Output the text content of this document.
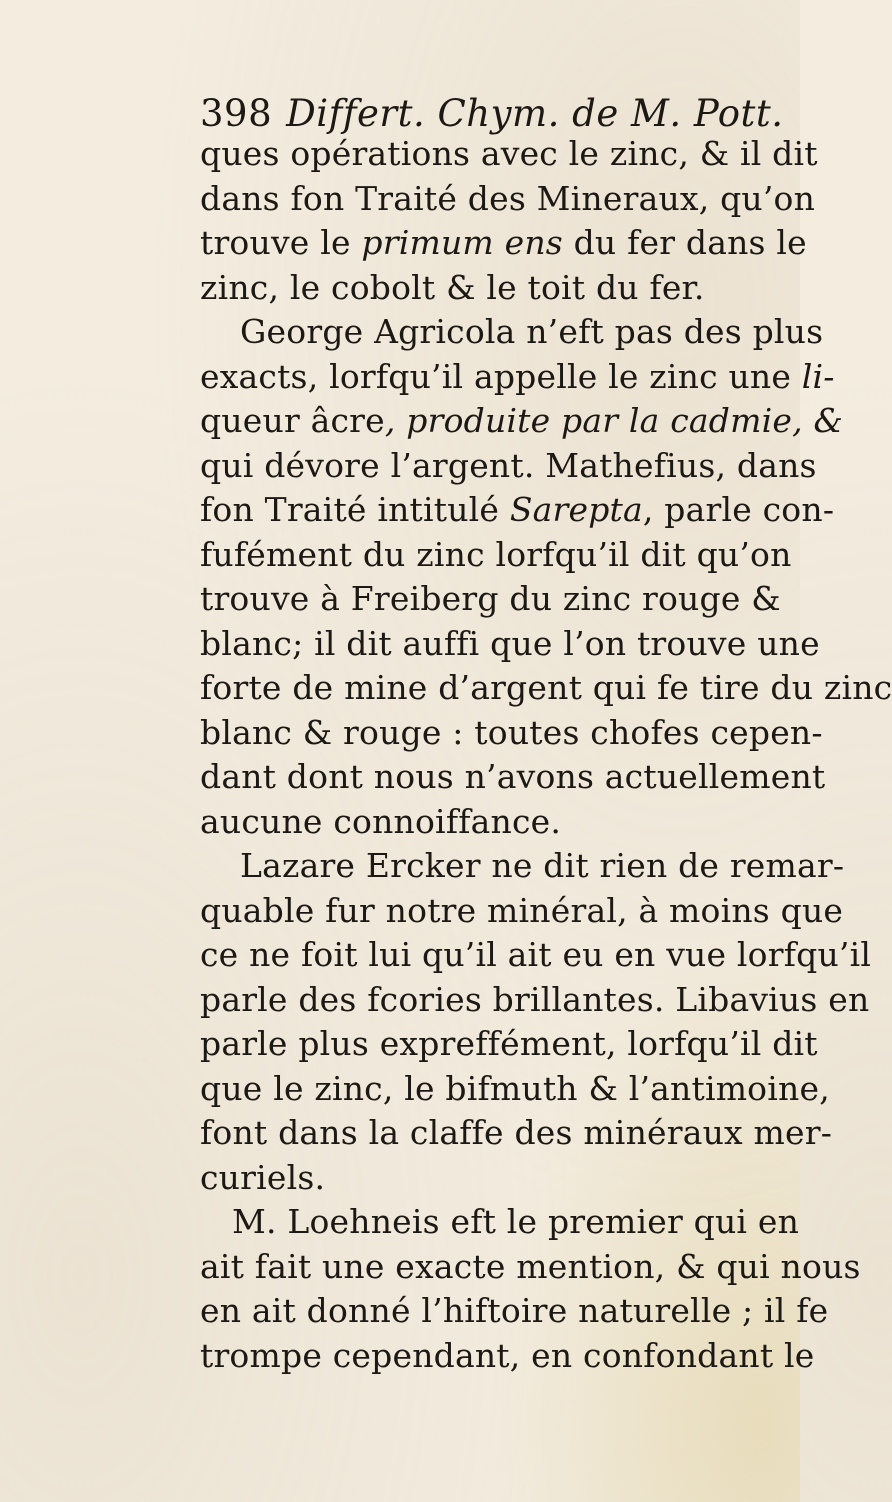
398 Differt. Chym. de M. Pott.
ques opérations avec le zinc, & il dit
dans fon Traité des Mineraux, qu’on
trouve le primum ens du fer dans le
zinc, le cobolt & le toit du fer.
George Agricola n’eft pas des plus
exacts, lorfqu’il appelle le zinc une li-
queur âcre, produite par la cadmie, &
qui dévore l’argent. Mathefius, dans
fon Traité intitulé Sarepta, parle con-
fufément du zinc lorfqu’il dit qu’on
trouve à Freiberg du zinc rouge &
blanc; il dit auffi que l’on trouve une
forte de mine d’argent qui fe tire du zinc
blanc & rouge : toutes chofes cepen-
dant dont nous n’avons actuellement
aucune connoiffance.
Lazare Ercker ne dit rien de remar-
quable fur notre minéral, à moins que
ce ne foit lui qu’il ait eu en vue lorfqu’il
parle des fcories brillantes. Libavius en
parle plus expreffément, lorfqu’il dit
que le zinc, le bifmuth & l’antimoine,
font dans la claffe des minéraux mer-
curiels.
M. Loehneis eft le premier qui en
ait fait une exacte mention, & qui nous
en ait donné l’hiftoire naturelle ; il fe
trompe cependant, en confondant le
